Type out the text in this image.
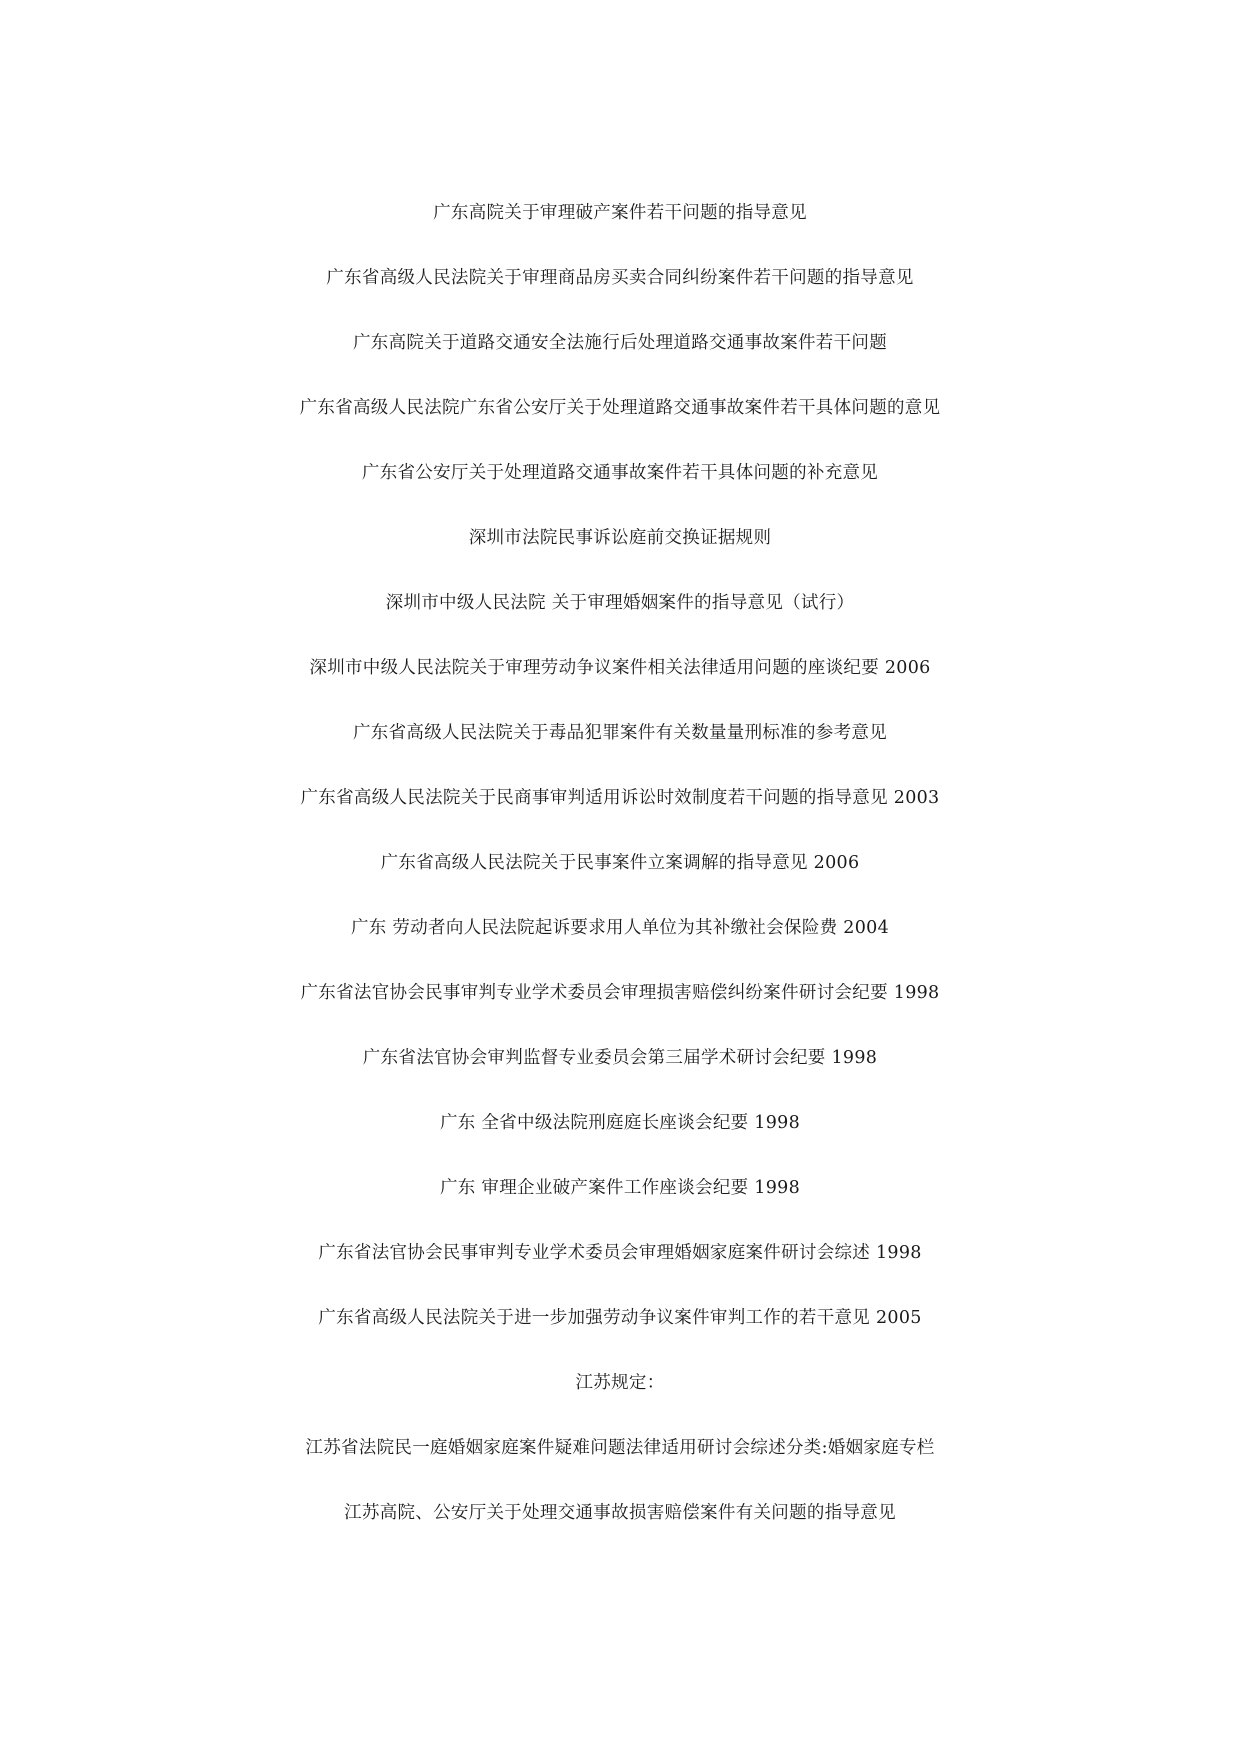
广东高院关于审理破产案件若干问题的指导意见
广东省高级人民法院关于审理商品房买卖合同纠纷案件若干问题的指导意见
广东高院关于道路交通安全法施行后处理道路交通事故案件若干问题
广东省高级人民法院广东省公安厅关于处理道路交通事故案件若干具体问题的意见
广东省公安厅关于处理道路交通事故案件若干具体问题的补充意见
深圳市法院民事诉讼庭前交换证据规则
深圳市中级人民法院 关于审理婚姻案件的指导意见（试行）
深圳市中级人民法院关于审理劳动争议案件相关法律适用问题的座谈纪要 2006
广东省高级人民法院关于毒品犯罪案件有关数量量刑标准的参考意见
广东省高级人民法院关于民商事审判适用诉讼时效制度若干问题的指导意见 2003
广东省高级人民法院关于民事案件立案调解的指导意见 2006
广东 劳动者向人民法院起诉要求用人单位为其补缴社会保险费 2004
广东省法官协会民事审判专业学术委员会审理损害赔偿纠纷案件研讨会纪要 1998
广东省法官协会审判监督专业委员会第三届学术研讨会纪要 1998
广东 全省中级法院刑庭庭长座谈会纪要 1998
广东 审理企业破产案件工作座谈会纪要 1998
广东省法官协会民事审判专业学术委员会审理婚姻家庭案件研讨会综述 1998
广东省高级人民法院关于进一步加强劳动争议案件审判工作的若干意见 2005
江苏规定：
江苏省法院民一庭婚姻家庭案件疑难问题法律适用研讨会综述分类:婚姻家庭专栏
江苏高院、公安厅关于处理交通事故损害赔偿案件有关问题的指导意见
